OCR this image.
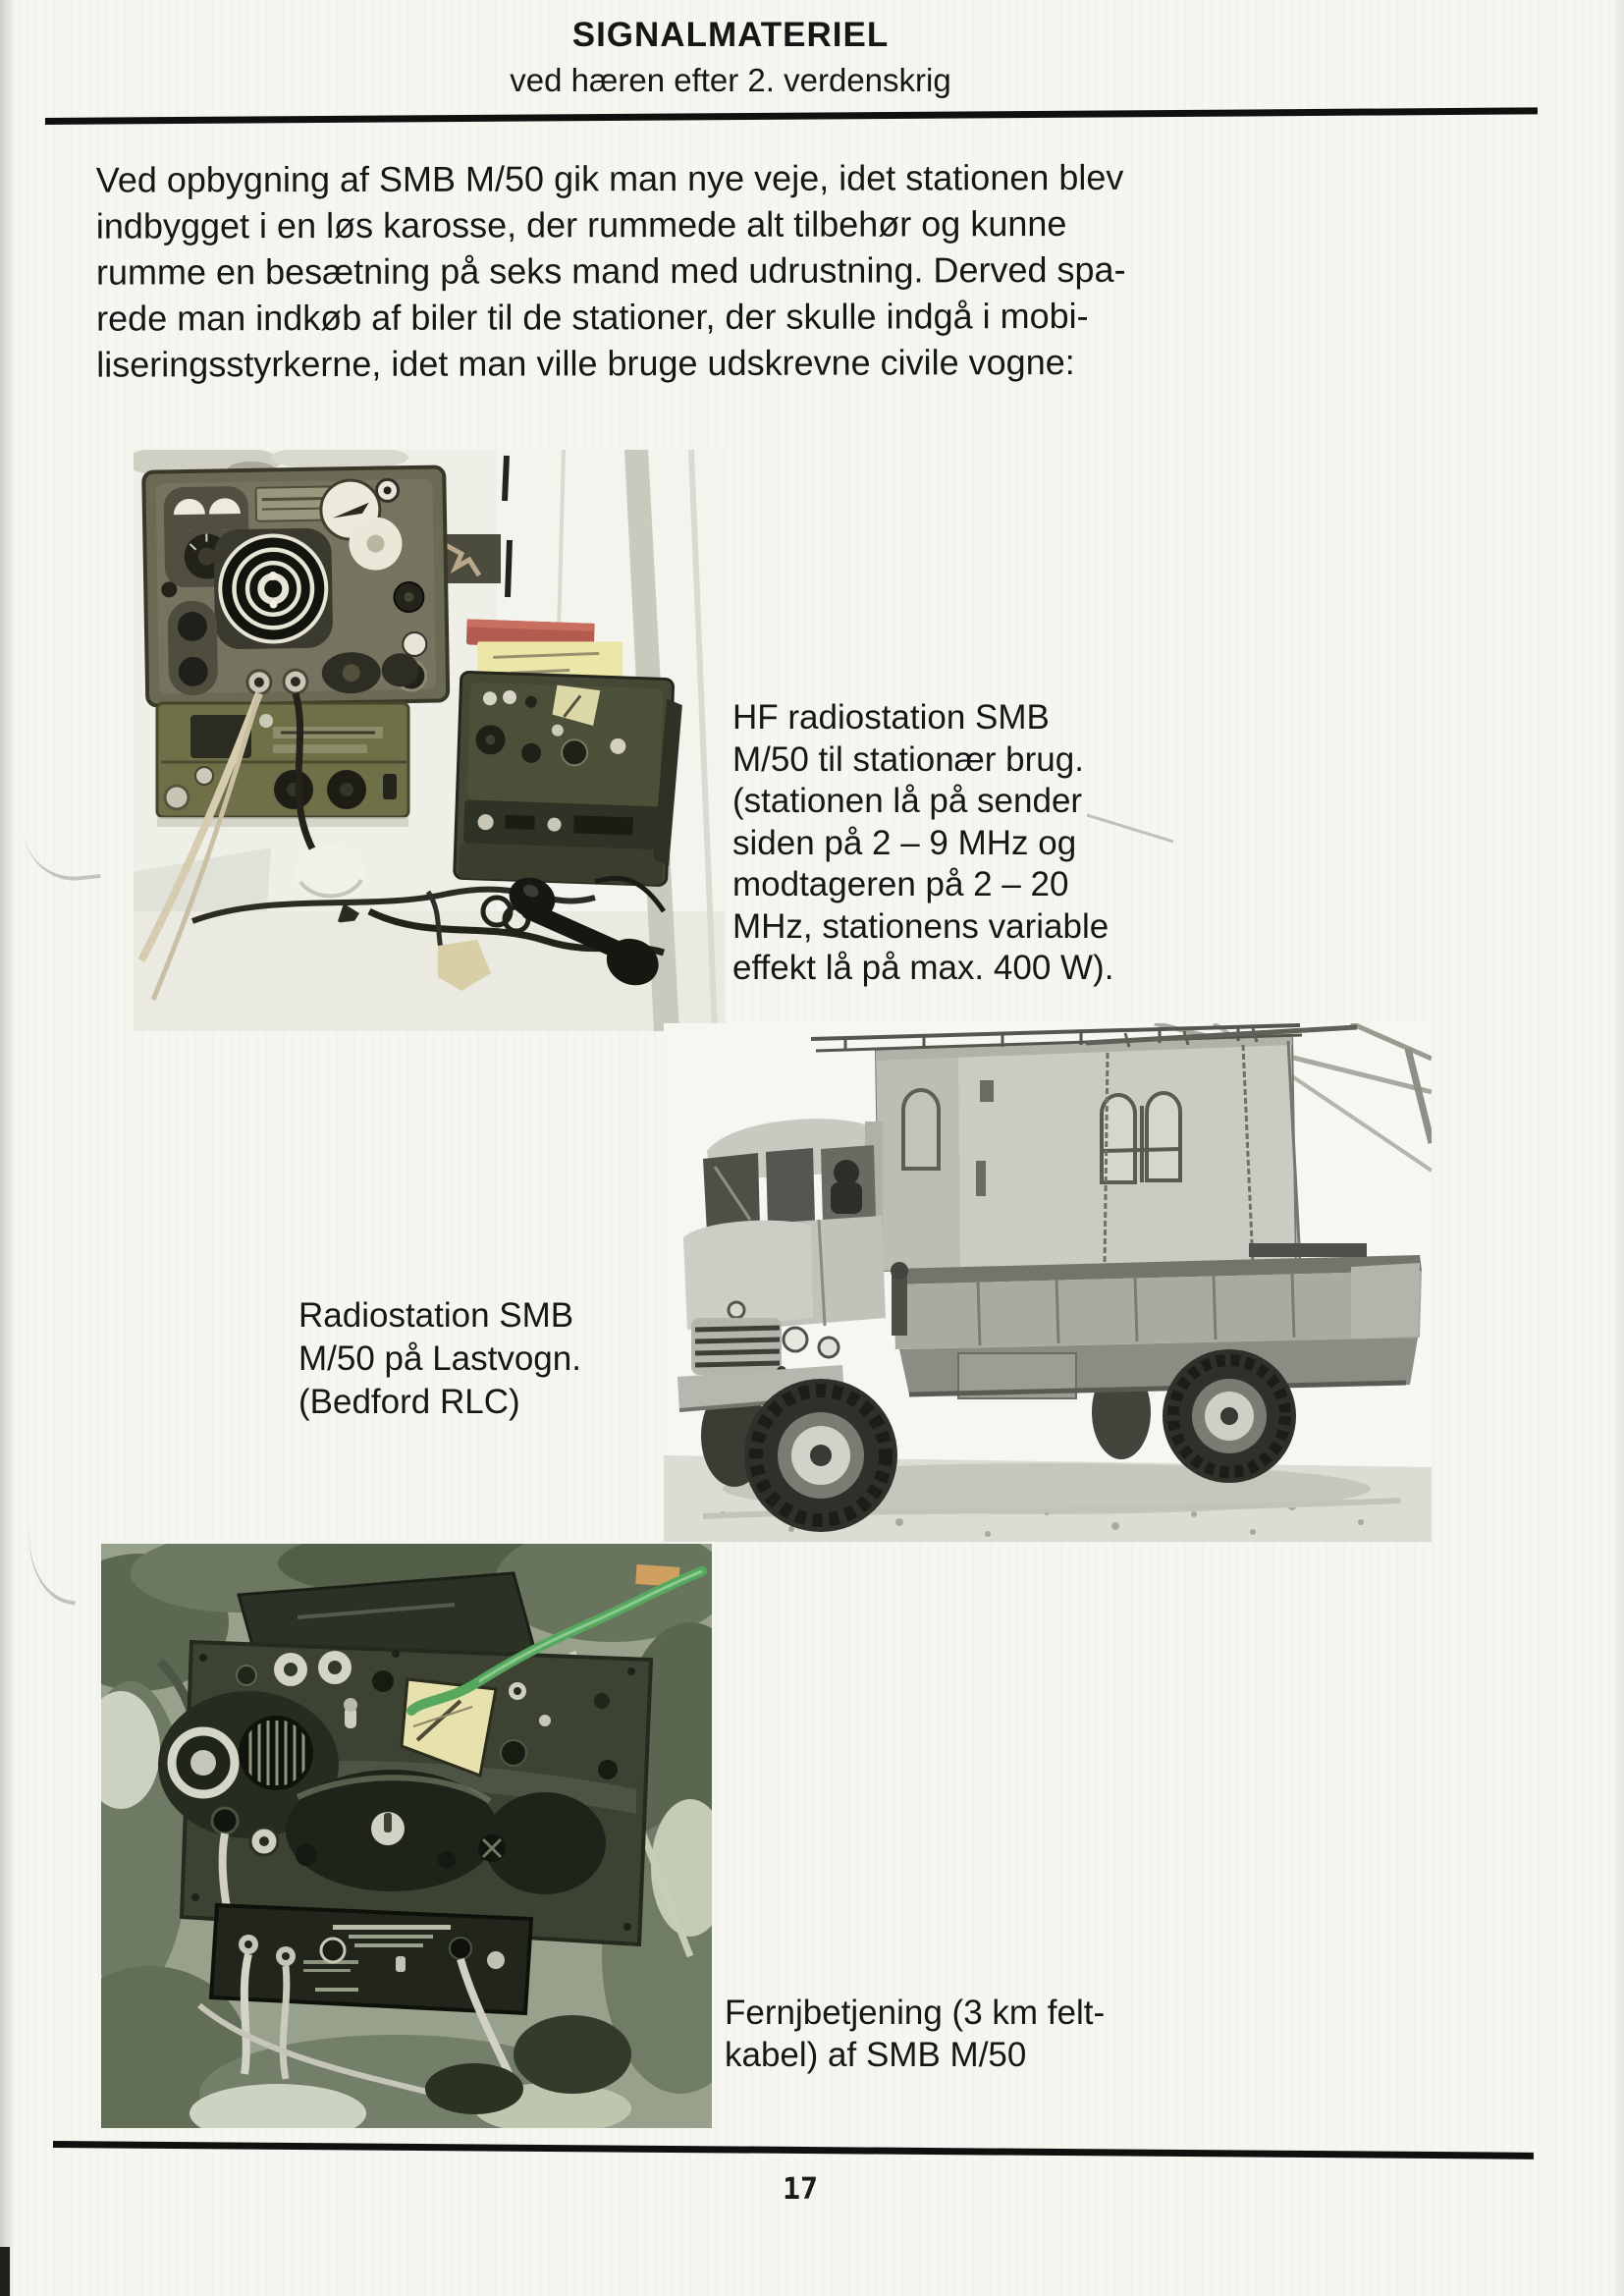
SIGNALMATERIEL
ved hæren efter 2. verdenskrig
Ved opbygning af SMB M/50 gik man nye veje, idet stationen blev
indbygget i en løs karosse, der rummede alt tilbehør og kunne
rumme en besætning på seks mand med udrustning. Derved spa-
rede man indkøb af biler til de stationer, der skulle indgå i mobi-
liseringsstyrkerne, idet man ville bruge udskrevne civile vogne:
HF radiostation SMB
M/50 til stationær brug.
(stationen lå på sender
siden på 2 – 9 MHz og
modtageren på 2 – 20
MHz, stationens variable
effekt lå på max. 400 W).
Radiostation SMB
M/50 på Lastvogn.
(Bedford RLC)
Fernjbetjening (3 km felt-
kabel) af SMB M/50
17
